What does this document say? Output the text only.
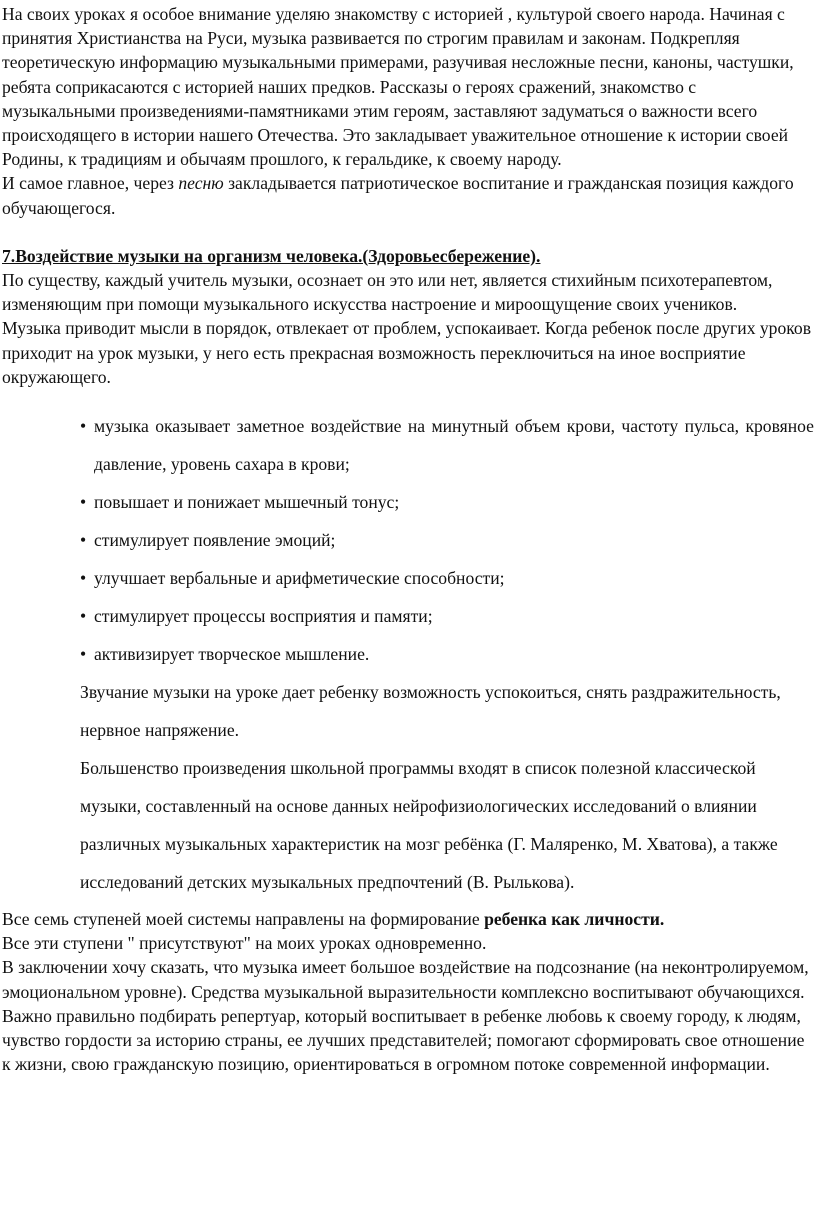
На своих уроках я особое внимание уделяю знакомству с историей , культурой своего народа. Начиная с принятия Христианства на Руси, музыка развивается по строгим правилам и законам. Подкрепляя теоретическую информацию музыкальными примерами, разучивая несложные песни, каноны, частушки, ребята соприкасаются с историей наших предков. Рассказы о героях сражений, знакомство с музыкальными произведениями-памятниками этим героям, заставляют задуматься о важности всего происходящего в истории нашего Отечества. Это закладывает уважительное отношение к истории своей Родины, к традициям и обычаям прошлого, к геральдике, к своему народу.

И самое главное, через песню закладывается патриотическое воспитание и гражданская позиция каждого обучающегося.

7.Воздействие музыки на организм человека.(Здоровьесбережение).

По существу, каждый учитель музыки, осознает он это или нет, является стихийным психотерапевтом, изменяющим при помощи музыкального искусства настроение и мироощущение своих учеников.

Музыка приводит мысли в порядок, отвлекает от проблем, успокаивает. Когда ребенок после других уроков приходит на урок музыки, у него есть прекрасная возможность переключиться на иное восприятие окружающего.

• музыка оказывает заметное воздействие на минутный объем крови, частоту пульса, кровяное давление, уровень сахара в крови;
• повышает и понижает мышечный тонус;
• стимулирует появление эмоций;
• улучшает вербальные и арифметические способности;
• стимулирует процессы восприятия и памяти;
• активизирует творческое мышление.

Звучание музыки на уроке дает ребенку возможность успокоиться, снять раздражительность, нервное напряжение.

Большенство произведения школьной программы входят в список полезной классической музыки, составленный на основе данных нейрофизиологических исследований о влиянии различных музыкальных характеристик на мозг ребёнка (Г. Маляренко, М. Хватова), а также исследований детских музыкальных предпочтений (В. Рылькова).

Все семь ступеней моей системы направлены на формирование ребенка как личности.

Все эти ступени " присутствуют" на моих уроках одновременно.

В заключении хочу сказать, что музыка имеет большое воздействие на подсознание (на неконтролируемом, эмоциональном уровне). Средства музыкальной выразительности комплексно воспитывают обучающихся. Важно правильно подбирать репертуар, который воспитывает в ребенке любовь к своему городу, к людям, чувство гордости за историю страны, ее лучших представителей; помогают сформировать свое отношение к жизни, свою гражданскую позицию, ориентироваться в огромном потоке современной информации.
